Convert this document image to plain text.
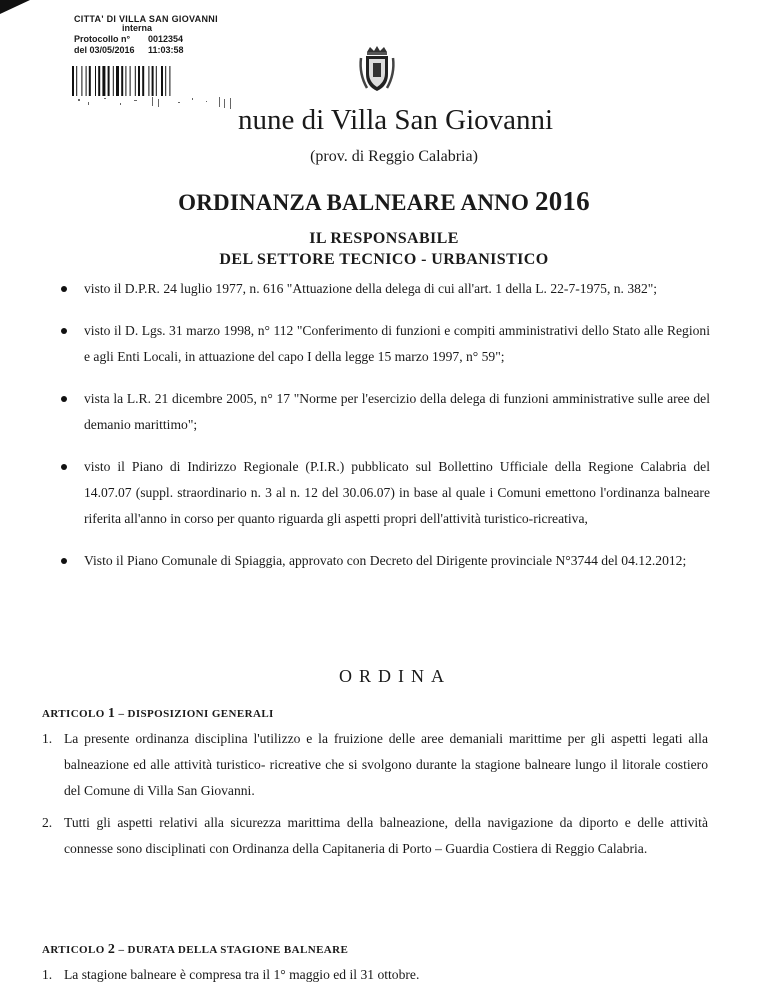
CITTA' DI VILLA SAN GIOVANNI
interna
Protocollo n°	0012354
del 03/05/2016	11:03:58
nune di Villa San Giovanni
(prov. di Reggio Calabria)
ORDINANZA BALNEARE ANNO 2016
IL RESPONSABILE
DEL SETTORE TECNICO - URBANISTICO
visto il D.P.R. 24 luglio 1977, n. 616 "Attuazione della delega di cui all'art. 1 della L. 22-7-1975, n. 382";
visto il D. Lgs. 31 marzo 1998, n° 112 "Conferimento di funzioni e compiti amministrativi dello Stato alle Regioni e agli Enti Locali, in attuazione del capo I della legge 15 marzo 1997, n° 59";
vista la L.R. 21 dicembre 2005, n° 17 "Norme per l'esercizio della delega di funzioni amministrative sulle aree del demanio marittimo";
visto il Piano di Indirizzo Regionale (P.I.R.) pubblicato sul Bollettino Ufficiale della Regione Calabria del 14.07.07 (suppl. straordinario n. 3 al n. 12 del 30.06.07) in base al quale i Comuni emettono l'ordinanza balneare riferita all'anno in corso per quanto riguarda gli aspetti propri dell'attività turistico-ricreativa,
Visto il Piano Comunale di Spiaggia, approvato con Decreto del Dirigente provinciale N°3744 del 04.12.2012;
ORDINA
ARTICOLO 1 – DISPOSIZIONI GENERALI
1. La presente ordinanza disciplina l'utilizzo e la fruizione delle aree demaniali marittime per gli aspetti legati alla balneazione ed alle attività turistico- ricreative che si svolgono durante la stagione balneare lungo il litorale costiero del Comune di Villa San Giovanni.
2. Tutti gli aspetti relativi alla sicurezza marittima della balneazione, della navigazione da diporto e delle attività connesse sono disciplinati con Ordinanza della Capitaneria di Porto – Guardia Costiera di Reggio Calabria.
ARTICOLO 2 – DURATA DELLA STAGIONE BALNEARE
1. La stagione balneare è compresa tra il 1° maggio ed il 31 ottobre.
